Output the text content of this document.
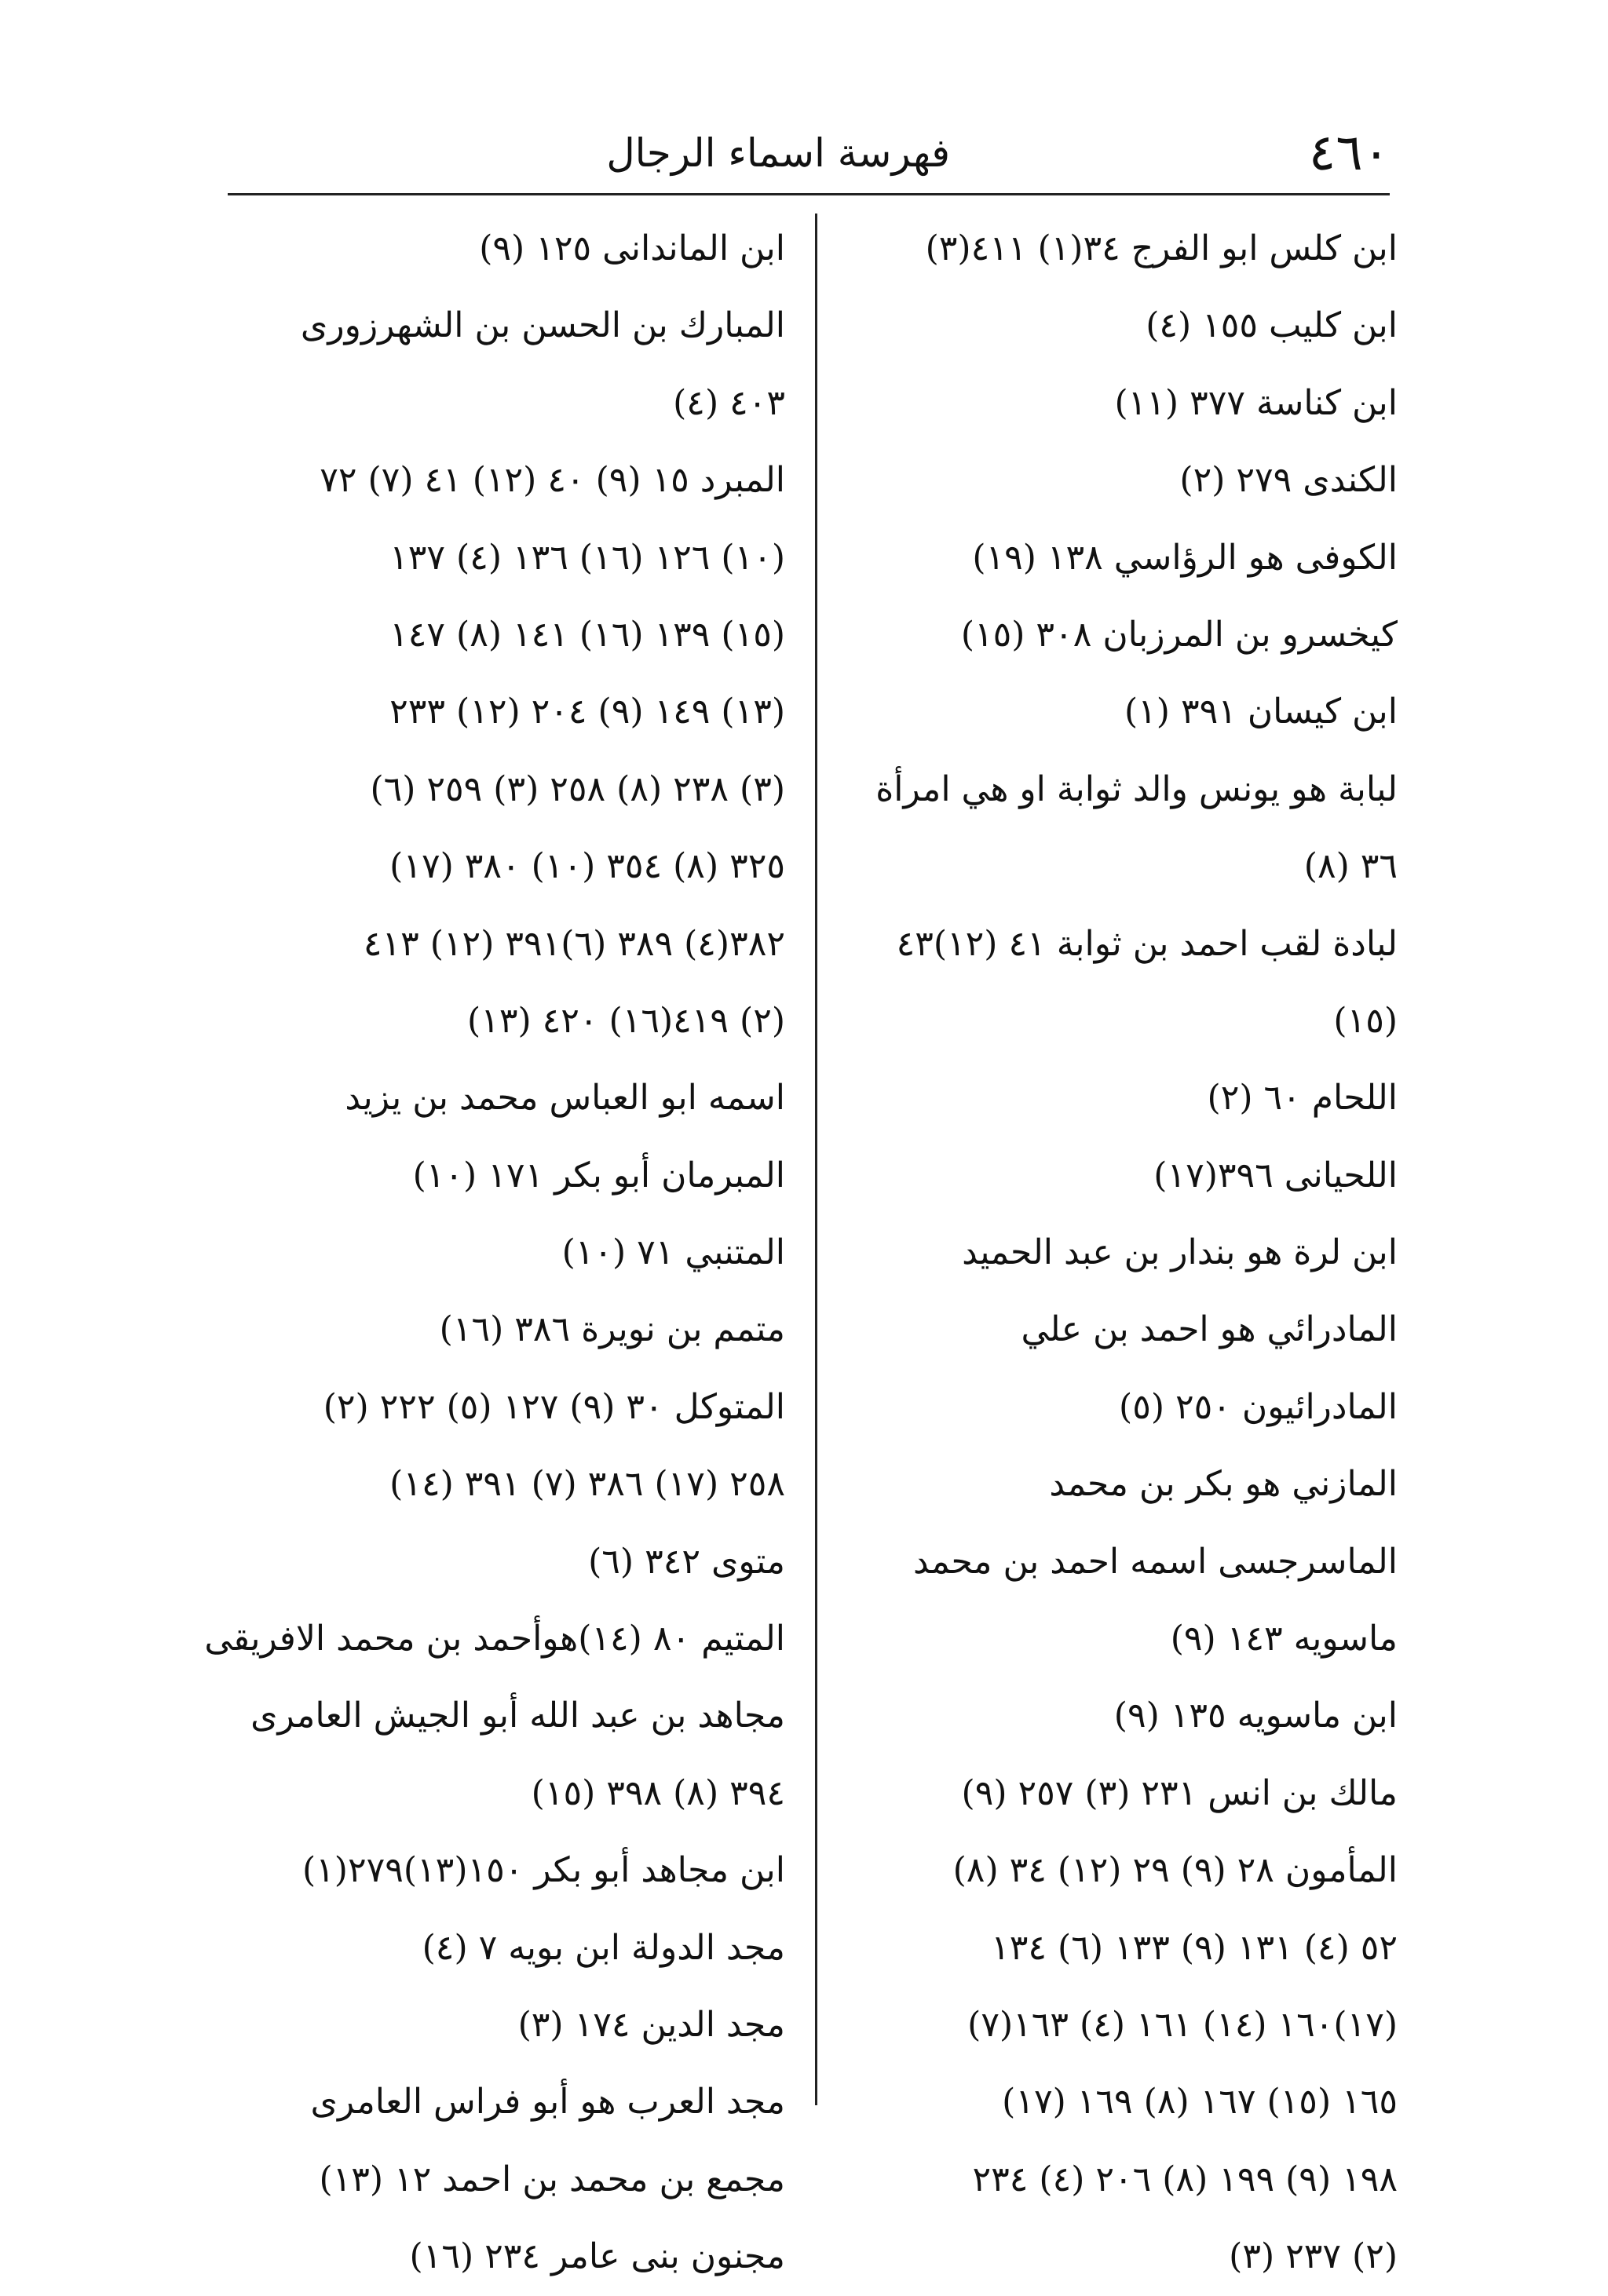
٤٦٠
فهرسة اسماء الرجال
ابن كلس ابو الفرج ٣٤(١) ٤١١(٣)
ابن كليب ١٥٥ (٤)
ابن كناسة ٣٧٧ (١١)
الكندى ٢٧٩ (٢)
الكوفى هو الرؤاسي ١٣٨ (١٩)
كيخسرو بن المرزبان ٣٠٨ (١٥)
ابن كيسان ٣٩١ (١)
لبابة هو يونس والد ثوابة او هي امرأة
٣٦ (٨)
لبادة لقب احمد بن ثوابة ٤١ (١٢)٤٣
(١٥)
اللحام ٦٠ (٢)
اللحيانى ٣٩٦(١٧)
ابن لرة هو بندار بن عبد الحميد
المادرائي هو احمد بن علي
المادرائيون ٢٥٠ (٥)
المازني هو بكر بن محمد
الماسرجسى اسمه احمد بن محمد
ماسويه ١٤٣ (٩)
ابن ماسويه ١٣٥ (٩)
مالك بن انس ٢٣١ (٣) ٢٥٧ (٩)
المأمون ٢٨ (٩) ٢٩ (١٢) ٣٤ (٨)
٥٢ (٤) ١٣١ (٩) ١٣٣ (٦) ١٣٤
(١٧)١٦٠ (١٤) ١٦١ (٤) ١٦٣(٧)
١٦٥ (١٥) ١٦٧ (٨) ١٦٩ (١٧)
١٩٨ (٩) ١٩٩ (٨) ٢٠٦ (٤) ٢٣٤
(٢) ٢٣٧ (٣)
ابن الماندانى ١٢٥ (٩)
المبارك بن الحسن بن الشهرزورى
٤٠٣ (٤)
المبرد ١٥ (٩) ٤٠ (١٢) ٤١ (٧) ٧٢
(١٠) ١٢٦ (١٦) ١٣٦ (٤) ١٣٧
(١٥) ١٣٩ (١٦) ١٤١ (٨) ١٤٧
(١٣) ١٤٩ (٩) ٢٠٤ (١٢) ٢٣٣
(٣) ٢٣٨ (٨) ٢٥٨ (٣) ٢٥٩ (٦)
٣٢٥ (٨) ٣٥٤ (١٠) ٣٨٠ (١٧)
٣٨٢(٤) ٣٨٩ (٦)٣٩١ (١٢) ٤١٣
(٢) ٤١٩(١٦) ٤٢٠ (١٣)
اسمه ابو العباس محمد بن يزيد
المبرمان أبو بكر ١٧١ (١٠)
المتنبي ٧١ (١٠)
متمم بن نويرة ٣٨٦ (١٦)
المتوكل ٣٠ (٩) ١٢٧ (٥) ٢٢٢ (٢)
٢٥٨ (١٧) ٣٨٦ (٧) ٣٩١ (١٤)
متوى ٣٤٢ (٦)
المتيم ٨٠ (١٤)هوأحمد بن محمد الافريقى
مجاهد بن عبد الله أبو الجيش العامرى
٣٩٤ (٨) ٣٩٨ (١٥)
ابن مجاهد أبو بكر ١٥٠(١٣)٢٧٩(١)
مجد الدولة ابن بويه ٧ (٤)
مجد الدين ١٧٤ (٣)
مجد العرب هو أبو فراس العامرى
مجمع بن محمد بن احمد ١٢ (١٣)
مجنون بنى عامر ٢٣٤ (١٦)
